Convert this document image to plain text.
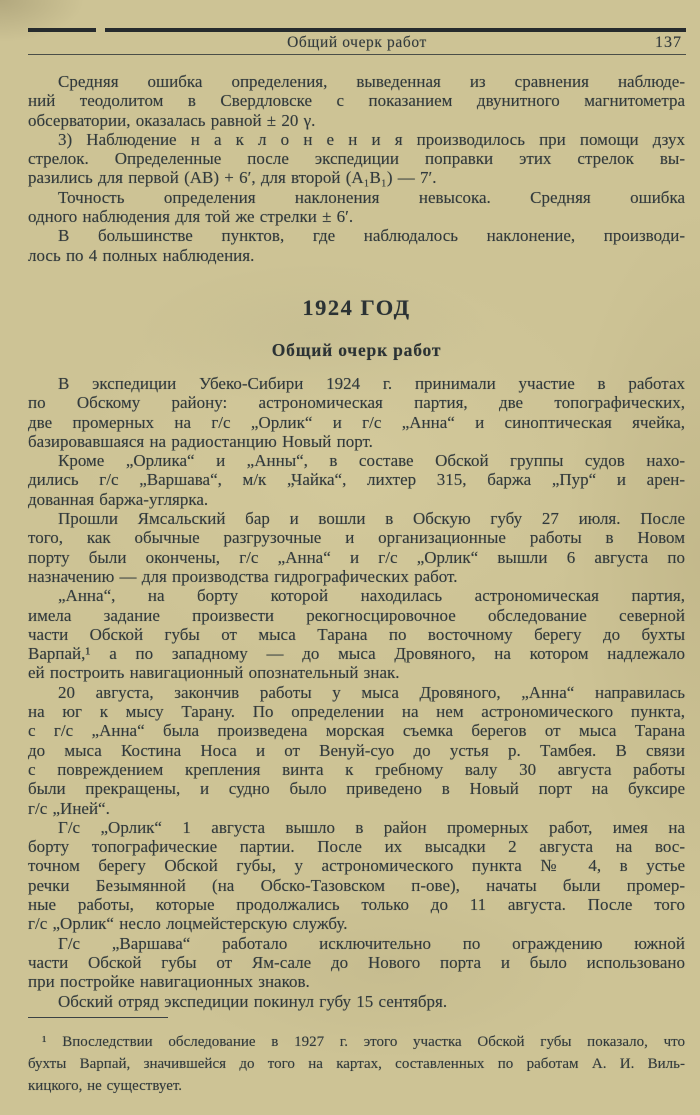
Общий очерк работ	137
Средняя ошибка определения, выведенная из сравнения наблюде-
ний теодолитом в Свердловске с показанием двунитного магнитометра
обсерватории, оказалась равной ± 20 γ.
3) Наблюдение н а к л о н е н и я производилось при помощи дзух
стрелок. Определенные после экспедиции поправки этих стрелок вы-
разились для первой (AB) + 6′, для второй (A₁B₁) — 7′.
Точность определения наклонения невысока. Средняя ошибка
одного наблюдения для той же стрелки ± 6′.
В большинстве пунктов, где наблюдалось наклонение, производи-
лось по 4 полных наблюдения.
1924 ГОД
Общий очерк работ
В экспедиции Убеко-Сибири 1924 г. принимали участие в работах
по Обскому району: астрономическая партия, две топографических,
две промерных на г/с „Орлик“ и г/с „Анна“ и синоптическая ячейка,
базировавшаяся на радиостанцию Новый порт.
Кроме „Орлика“ и „Анны“, в составе Обской группы судов нахо-
дились г/с „Варшава“, м/к „Чайка“, лихтер 315, баржа „Пур“ и арен-
дованная баржа-углярка.
Прошли Ямсальский бар и вошли в Обскую губу 27 июля. После
того, как обычные разгрузочные и организационные работы в Новом
порту были окончены, г/с „Анна“ и г/с „Орлик“ вышли 6 августа по
назначению — для производства гидрографических работ.
„Анна“, на борту которой находилась астрономическая партия,
имела задание произвести рекогносцировочное обследование северной
части Обской губы от мыса Тарана по восточному берегу до бухты
Варпай,¹ а по западному — до мыса Дровяного, на котором надлежало
ей построить навигационный опознательный знак.
20 августа, закончив работы у мыса Дровяного, „Анна“ направилась
на юг к мысу Тарану. По определении на нем астрономического пункта,
с г/с „Анна“ была произведена морская съемка берегов от мыса Тарана
до мыса Костина Носа и от Венуй-суо до устья р. Тамбея. В связи
с повреждением крепления винта к гребному валу 30 августа работы
были прекращены, и судно было приведено в Новый порт на буксире
г/с „Иней“.
Г/с „Орлик“ 1 августа вышло в район промерных работ, имея на
борту топографические партии. После их высадки 2 августа на вос-
точном берегу Обской губы, у астрономического пункта № 4, в устье
речки Безымянной (на Обско-Тазовском п-ове), начаты были промер-
ные работы, которые продолжались только до 11 августа. После того
г/с „Орлик“ несло лоцмейстерскую службу.
Г/с „Варшава“ работало исключительно по ограждению южной
части Обской губы от Ям-сале до Нового порта и было использовано
при постройке навигационных знаков.
Обский отряд экспедиции покинул губу 15 сентября.
¹ Впоследствии обследование в 1927 г. этого участка Обской губы показало, что
бухты Варпай, значившейся до того на картах, составленных по работам А. И. Виль-
кицкого, не существует.
